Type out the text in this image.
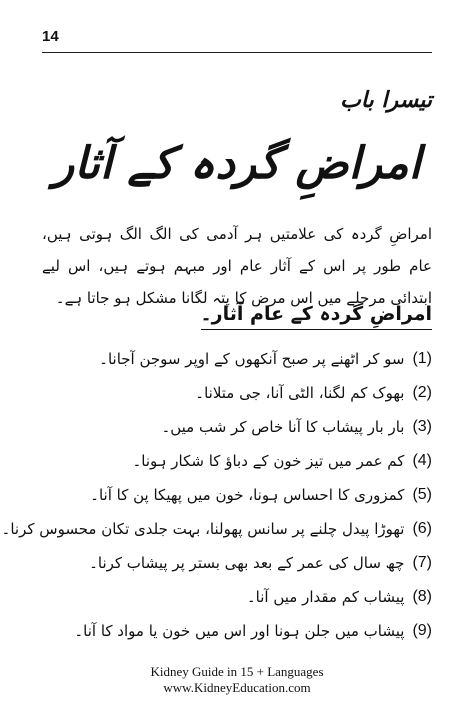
14
تیسرا باب
امراضِ گردہ کے آثار

امراضِ گردہ کی علامتیں ہر آدمی کی الگ الگ ہوتی ہیں، عام طور پر اس کے آثار عام اور مبہم ہوتے ہیں، اس لیے ابتدائی مرحلے میں اس مرض کا پتہ لگانا مشکل ہو جاتا ہے۔

امراضِ گردہ کے عام آثار۔
(1)
سو کر اٹھنے پر صبح آنکھوں کے اوپر سوجن آجانا۔
(2)
بھوک کم لگنا، الٹی آنا، جی متلانا۔
(3)
بار بار پیشاب کا آنا خاص کر شب میں۔
(4)
کم عمر میں تیز خون کے دباؤ کا شکار ہونا۔
(5)
کمزوری کا احساس ہونا، خون میں پھیکا پن کا آنا۔
(6)
تھوڑا پیدل چلنے پر سانس پھولنا، بہت جلدی تکان محسوس کرنا۔
(7)
چھ سال کی عمر کے بعد بھی بستر پر پیشاب کرنا۔
(8)
پیشاب کم مقدار میں آنا۔
(9)
پیشاب میں جلن ہونا اور اس میں خون یا مواد کا آنا۔
Kidney Guide in 15 + Languages
www.KidneyEducation.com
